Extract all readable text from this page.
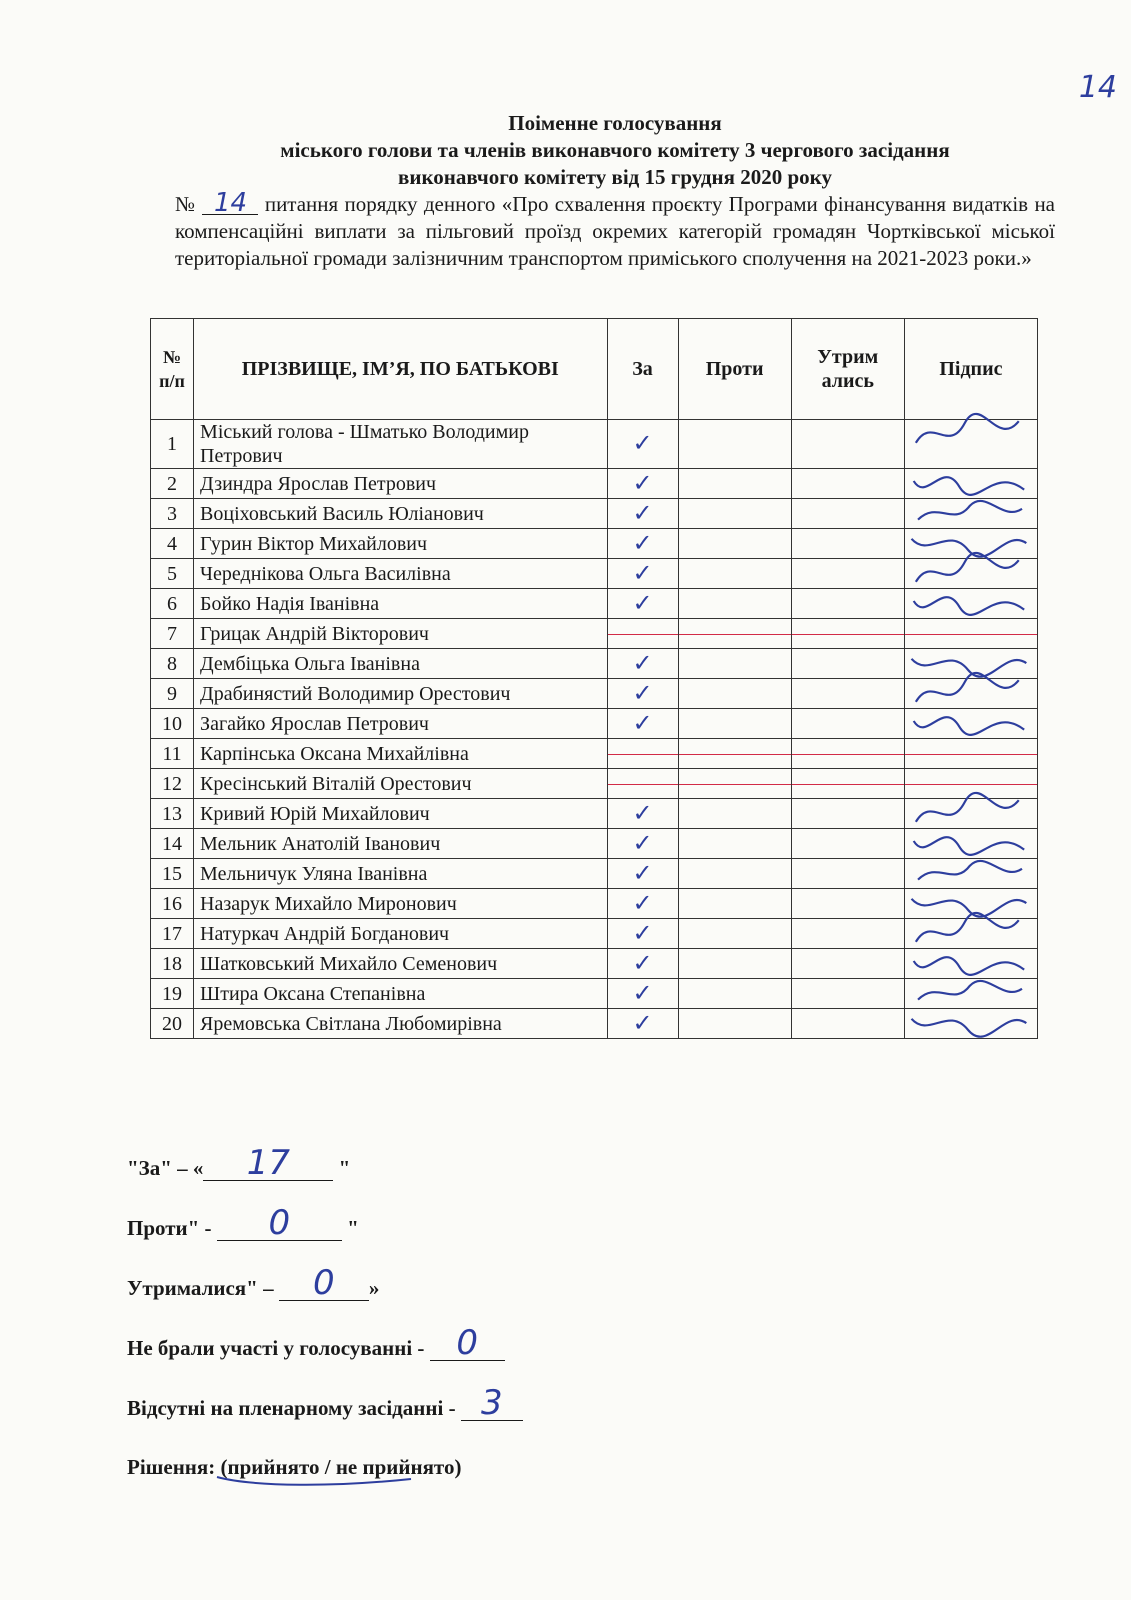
14

Поіменне голосування

міського голови та членів виконавчого комітету 3 чергового засідання

виконавчого комітету від 15 грудня 2020 року

№ 14 питання порядку денного «Про схвалення проєкту Програми фінансування видатків на компенсаційні виплати за пільговий проїзд окремих категорій громадян Чортківської міської територіальної громади залізничним транспортом приміського сполучення на 2021-2023 роки.»

№ п/п	ПРІЗВИЩЕ, ІМ’Я, ПО БАТЬКОВІ	За	Проти	Утрим ались	Підпис
1	Міський голова - Шматько Володимир Петрович	✓			

2	Дзиндра Ярослав Петрович	✓			

3	Воціховський Василь Юліанович	✓			

4	Гурин Віктор Михайлович	✓			

5	Череднікова Ольга Василівна	✓			

6	Бойко Надія Іванівна	✓			

7	Грицак Андрій Вікторович	

8	Дембіцька Ольга Іванівна	✓			

9	Драбинястий Володимир Орестович	✓			

10	Загайко Ярослав Петрович	✓			

11	Карпінська Оксана Михайлівна	

12	Кресінський Віталій Орестович	

13	Кривий Юрій Михайлович	✓			

14	Мельник Анатолій Іванович	✓			

15	Мельничук Уляна Іванівна	✓			

16	Назарук Михайло Миронович	✓			

17	Натуркач Андрій Богданович	✓			

18	Шатковський Михайло Семенович	✓			

19	Штира Оксана Степанівна	✓			

20	Яремовська Світлана Любомирівна	✓			
"За" – « 17 "
Проти" - 0	"
Утрималися" – 0 »
Не брали участі у голосуванні - 0
Відсутні на пленарному засіданні - 3
Рішення: (прийнято / не прийнято)
